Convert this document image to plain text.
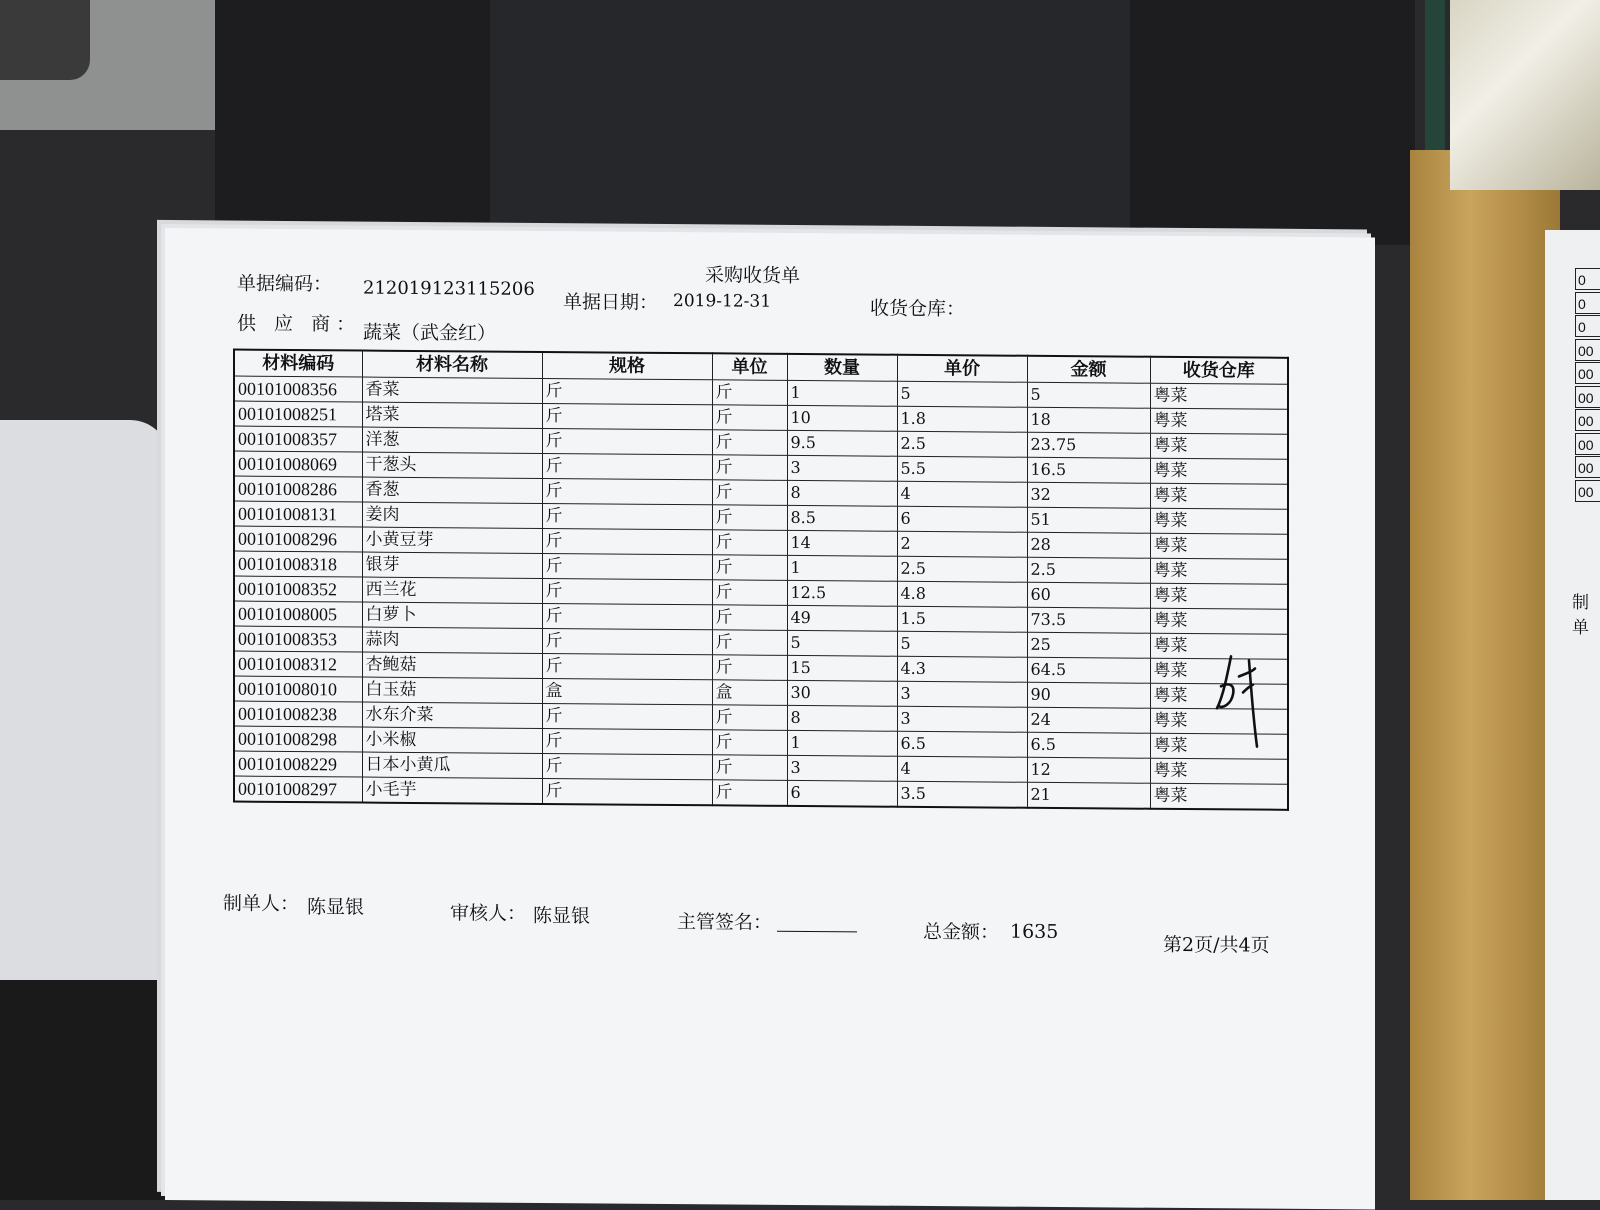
0
0
0
00
00
00
00
00
00
00
制单
采购收货单
单据编码： 212019123115206
单据日期： 2019-12-31	收货仓库：
供 应 商： 蔬菜（武金红）
材料编码	材料名称	规格	单位	数量	单价	金额	收货仓库
00101008356	香菜	斤	斤	1	5	5	粤菜
00101008251	塔菜	斤	斤	10	1.8	18	粤菜
00101008357	洋葱	斤	斤	9.5	2.5	23.75	粤菜
00101008069	干葱头	斤	斤	3	5.5	16.5	粤菜
00101008286	香葱	斤	斤	8	4	32	粤菜
00101008131	姜肉	斤	斤	8.5	6	51	粤菜
00101008296	小黄豆芽	斤	斤	14	2	28	粤菜
00101008318	银芽	斤	斤	1	2.5	2.5	粤菜
00101008352	西兰花	斤	斤	12.5	4.8	60	粤菜
00101008005	白萝卜	斤	斤	49	1.5	73.5	粤菜
00101008353	蒜肉	斤	斤	5	5	25	粤菜
00101008312	杏鲍菇	斤	斤	15	4.3	64.5	粤菜
00101008010	白玉菇	盒	盒	30	3	90	粤菜
00101008238	水东介菜	斤	斤	8	3	24	粤菜
00101008298	小米椒	斤	斤	1	6.5	6.5	粤菜
00101008229	日本小黄瓜	斤	斤	3	4	12	粤菜
00101008297	小毛芋	斤	斤	6	3.5	21	粤菜
制单人： 陈显银	审核人： 陈显银	主管签名：	总金额： 1635
第2页/共4页
